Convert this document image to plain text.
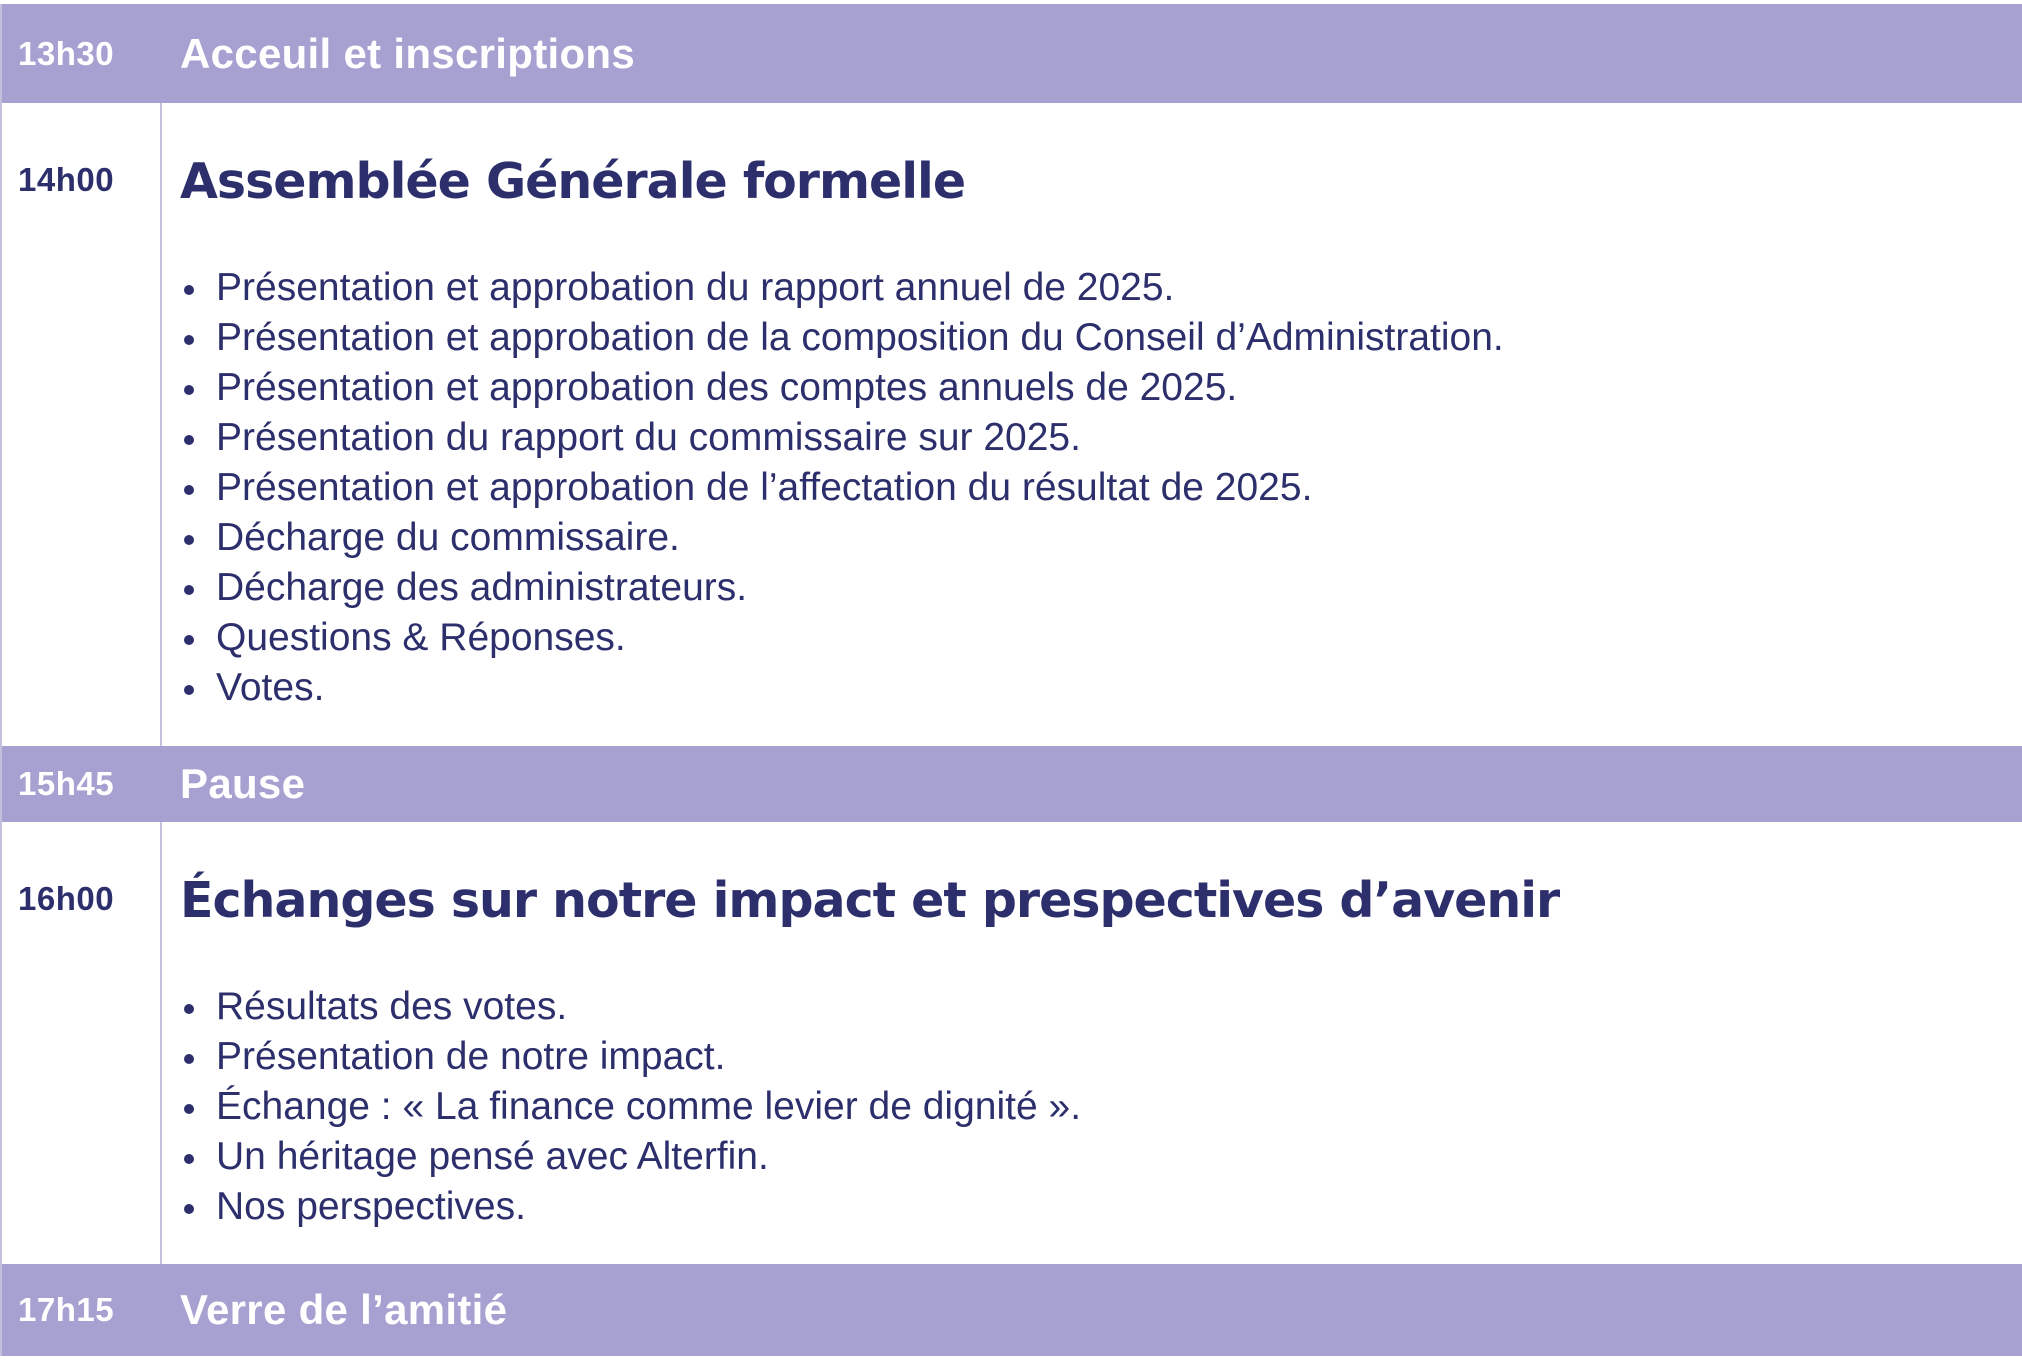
13h30	Acceuil et inscriptions
14h00	Assemblée Générale formelle
Présentation et approbation du rapport annuel de 2025.
Présentation et approbation de la composition du Conseil d’Administration.
Présentation et approbation des comptes annuels de 2025.
Présentation du rapport du commissaire sur 2025.
Présentation et approbation de l’affectation du résultat de 2025.
Décharge du commissaire.
Décharge des administrateurs.
Questions & Réponses.
Votes.
15h45	Pause
16h00	Échanges sur notre impact et prespectives d’avenir
Résultats des votes.
Présentation de notre impact.
Échange : « La finance comme levier de dignité ».
Un héritage pensé avec Alterfin.
Nos perspectives.
17h15	Verre de l’amitié
